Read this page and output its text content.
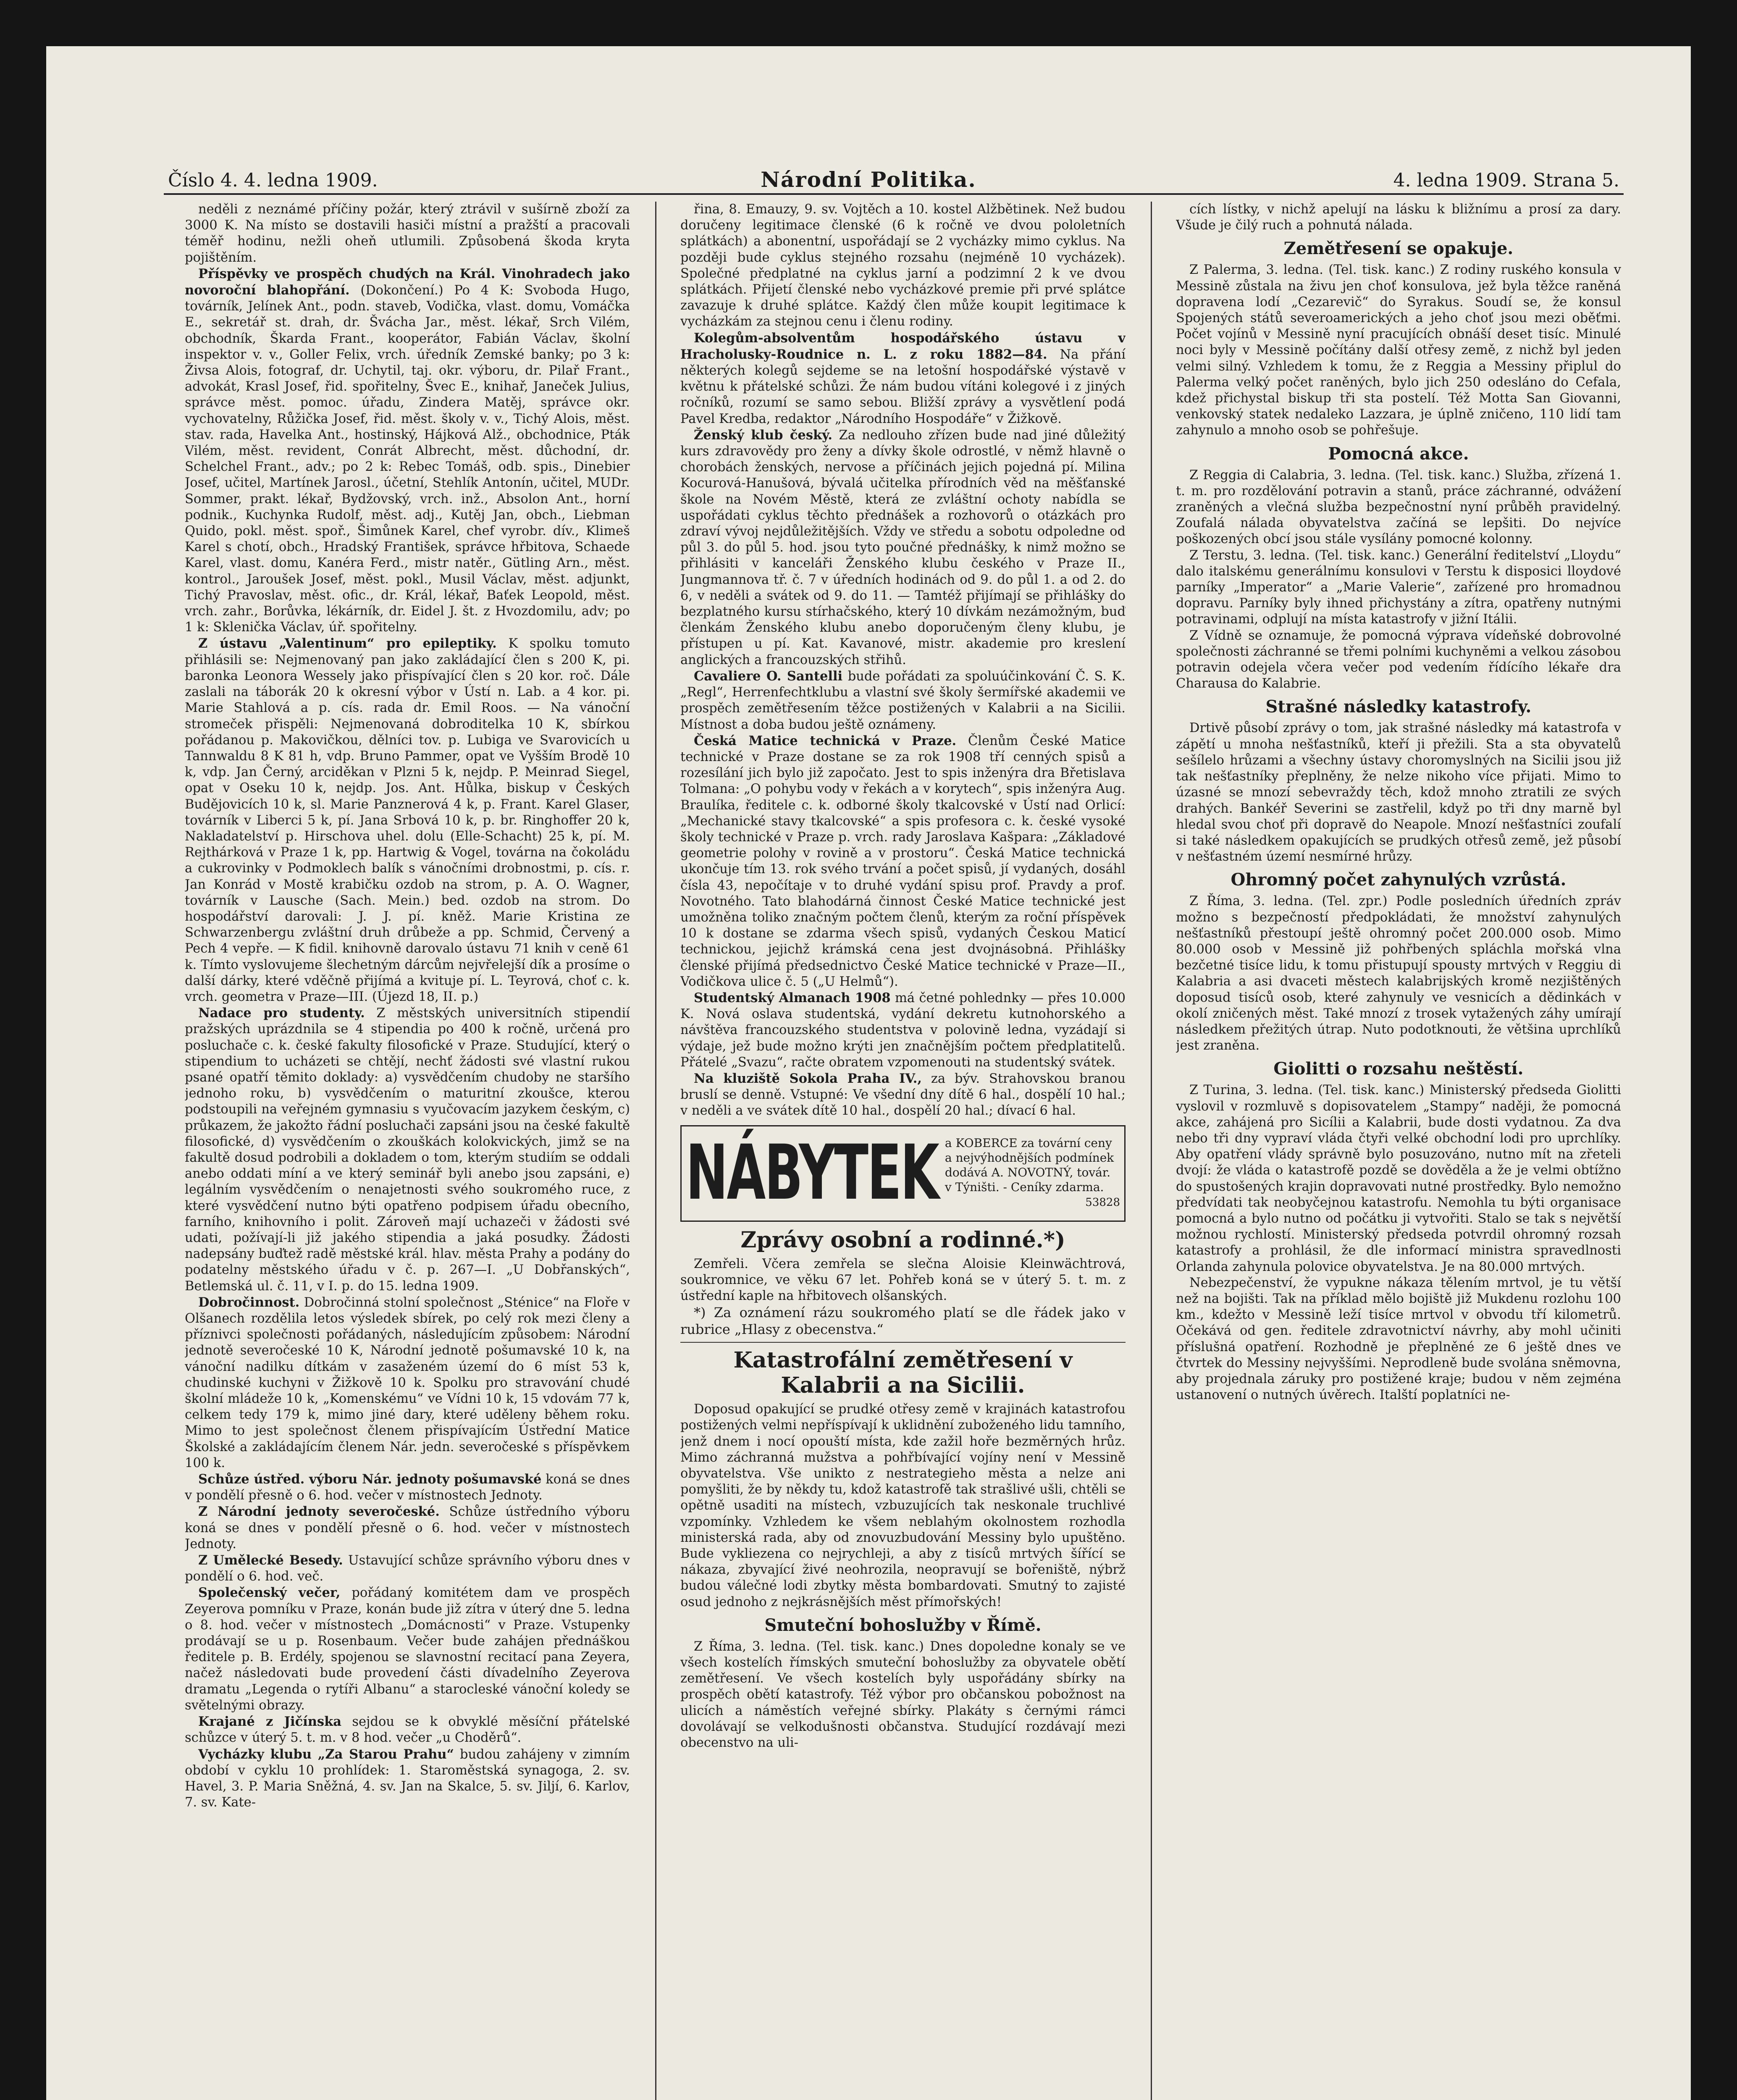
Číslo 4. 4. ledna 1909.	Národní Politika.	4. ledna 1909. Strana 5.

neděli z neznámé příčiny požár, který ztrávil v sušírně zboží za 3000 K. Na místo se dostavili hasiči místní a pražští a pracovali téměř hodinu, nežli oheň utlumili. Způsobená škoda kryta pojištěním.

Příspěvky ve prospěch chudých na Král. Vinohradech jako novoroční blahopřání. (Dokončení.) Po 4 K: Svoboda Hugo, továrník, Jelínek Ant., podn. staveb, Vodička, vlast. domu, Vomáčka E., sekretář st. drah, dr. Švácha Jar., měst. lékař, Srch Vilém, obchodník, Škarda Frant., kooperátor, Fabián Václav, školní inspektor v. v., Goller Felix, vrch. úředník Zemské banky; po 3 k: Živsa Alois, fotograf, dr. Uchytil, taj. okr. výboru, dr. Pilař Frant., advokát, Krasl Josef, řid. spořitelny, Švec E., knihař, Janeček Julius, správce měst. pomoc. úřadu, Zindera Matěj, správce okr. vychovatelny, Růžička Josef, řid. měst. školy v. v., Tichý Alois, měst. stav. rada, Havelka Ant., hostinský, Hájková Alž., obchodnice, Pták Vilém, měst. revident, Conrát Albrecht, měst. důchodní, dr. Schelchel Frant., adv.; po 2 k: Rebec Tomáš, odb. spis., Dinebier Josef, učitel, Martínek Jarosl., účetní, Stehlík Antonín, učitel, MUDr. Sommer, prakt. lékař, Bydžovský, vrch. inž., Absolon Ant., horní podnik., Kuchynka Rudolf, měst. adj., Kutěj Jan, obch., Liebman Quido, pokl. měst. spoř., Šimůnek Karel, chef vyrobr. dív., Klimeš Karel s chotí, obch., Hradský František, správce hřbitova, Schaede Karel, vlast. domu, Kanéra Ferd., mistr natěr., Gütling Arn., měst. kontrol., Jaroušek Josef, měst. pokl., Musil Václav, měst. adjunkt, Tichý Pravoslav, měst. ofic., dr. Král, lékař, Baťek Leopold, měst. vrch. zahr., Borůvka, lékárník, dr. Eidel J. št. z Hvozdomilu, adv; po 1 k: Sklenička Václav, úř. spořitelny.

Z ústavu „Valentinum“ pro epileptiky. K spolku tomuto přihlásili se: Nejmenovaný pan jako zakládající člen s 200 K, pi. baronka Leonora Wessely jako přispívající člen s 20 kor. roč. Dále zaslali na táborák 20 k okresní výbor v Ústí n. Lab. a 4 kor. pi. Marie Stahlová a p. cís. rada dr. Emil Roos. — Na vánoční stromeček přispěli: Nejmenovaná dobroditelka 10 K, sbírkou pořádanou p. Makovičkou, dělníci tov. p. Lubiga ve Svarovicích u Tannwaldu 8 K 81 h, vdp. Bruno Pammer, opat ve Vyšším Brodě 10 k, vdp. Jan Černý, arciděkan v Plzni 5 k, nejdp. P. Meinrad Siegel, opat v Oseku 10 k, nejdp. Jos. Ant. Hůlka, biskup v Českých Budějovicích 10 k, sl. Marie Panznerová 4 k, p. Frant. Karel Glaser, továrník v Liberci 5 k, pí. Jana Srbová 10 k, p. br. Ringhoffer 20 k, Nakladatelství p. Hirschova uhel. dolu (Elle-Schacht) 25 k, pí. M. Rejthárková v Praze 1 k, pp. Hartwig & Vogel, továrna na čokoládu a cukrovinky v Podmoklech balík s vánočními drobnostmi, p. cís. r. Jan Konrád v Mostě krabičku ozdob na strom, p. A. O. Wagner, továrník v Lausche (Sach. Mein.) bed. ozdob na strom. Do hospodářství darovali: J. J. pí. kněž. Marie Kristina ze Schwarzenbergu zvláštní druh drůbeže a pp. Schmid, Červený a Pech 4 vepře. — K fidil. knihovně darovalo ústavu 71 knih v ceně 61 k. Tímto vyslovujeme šlechetným dárcům nejvřelejší dík a prosíme o další dárky, které vděčně přijímá a kvituje pí. L. Teyrová, choť c. k. vrch. geometra v Praze—III. (Újezd 18, II. p.)

Nadace pro studenty. Z městských universitních stipendií pražských uprázdnila se 4 stipendia po 400 k ročně, určená pro posluchače c. k. české fakulty filosofické v Praze. Studující, který o stipendium to ucházeti se chtějí, nechť žádosti své vlastní rukou psané opatří těmito doklady: a) vysvědčením chudoby ne staršího jednoho roku, b) vysvědčením o maturitní zkoušce, kterou podstoupili na veřejném gymnasiu s vyučovacím jazykem českým, c) průkazem, že jakožto řádní posluchači zapsáni jsou na české fakultě filosofické, d) vysvědčením o zkouškách kolokvických, jimž se na fakultě dosud podrobili a dokladem o tom, kterým studiím se oddali anebo oddati míní a ve který seminář byli anebo jsou zapsáni, e) legálním vysvědčením o nenajetnosti svého soukromého ruce, z které vysvědčení nutno býti opatřeno podpisem úřadu obecního, farního, knihovního i polit. Zároveň mají uchazeči v žádosti své udati, požívají-li již jakého stipendia a jaká posudky. Žádosti nadepsány buďtež radě městské král. hlav. města Prahy a podány do podatelny městského úřadu v č. p. 267—I. „U Dobřanských“, Betlemská ul. č. 11, v I. p. do 15. ledna 1909.

Dobročinnost. Dobročinná stolní společnost „Sténice“ na Floře v Olšanech rozdělila letos výsledek sbírek, po celý rok mezi členy a příznivci společnosti pořádaných, následujícím způsobem: Národní jednotě severočeské 10 K, Národní jednotě pošumavské 10 k, na vánoční nadilku dítkám v zasaženém území do 6 míst 53 k, chudinské kuchyni v Žižkově 10 k. Spolku pro stravování chudé školní mládeže 10 k, „Komenskému“ ve Vídni 10 k, 15 vdovám 77 k, celkem tedy 179 k, mimo jiné dary, které uděleny během roku. Mimo to jest společnost členem přispívajícím Ústřední Matice Školské a zakládajícím členem Nár. jedn. severočeské s příspěvkem 100 k.

Schůze ústřed. výboru Nár. jednoty pošumavské koná se dnes v pondělí přesně o 6. hod. večer v místnostech Jednoty.

Z Národní jednoty severočeské. Schůze ústředního výboru koná se dnes v pondělí přesně o 6. hod. večer v místnostech Jednoty.

Z Umělecké Besedy. Ustavující schůze správního výboru dnes v pondělí o 6. hod. več.

Společenský večer, pořádaný komitétem dam ve prospěch Zeyerova pomníku v Praze, konán bude již zítra v úterý dne 5. ledna o 8. hod. večer v místnostech „Domácnosti“ v Praze. Vstupenky prodávají se u p. Rosenbaum. Večer bude zahájen přednáškou ředitele p. B. Erdély, spojenou se slavnostní recitací pana Zeyera, načež následovati bude provedení části dívadelního Zeyerova dramatu „Legenda o rytíři Albanu“ a starocleské vánoční koledy se světelnými obrazy.

Krajané z Jičínska sejdou se k obvyklé měsíční přátelské schůzce v úterý 5. t. m. v 8 hod. večer „u Choděrů“.

Vycházky klubu „Za Starou Prahu“ budou zahájeny v zimním období v cyklu 10 prohlídek: 1. Staroměstská synagoga, 2. sv. Havel, 3. P. Maria Sněžná, 4. sv. Jan na Skalce, 5. sv. Jiljí, 6. Karlov, 7. sv. Kate-

řina, 8. Emauzy, 9. sv. Vojtěch a 10. kostel Alžbětinek. Než budou doručeny legitimace členské (6 k ročně ve dvou pololetních splátkách) a abonentní, uspořádají se 2 vycházky mimo cyklus. Na později bude cyklus stejného rozsahu (nejméně 10 vycházek). Společné předplatné na cyklus jarní a podzimní 2 k ve dvou splátkách. Přijetí členské nebo vycházkové premie při prvé splátce zavazuje k druhé splátce. Každý člen může koupit legitimace k vycházkám za stejnou cenu i členu rodiny.

Kolegům-absolventům hospodářského ústavu v Hracholusky-Roudnice n. L. z roku 1882—84. Na přání některých kolegů sejdeme se na letošní hospodářské výstavě v květnu k přátelské schůzi. Že nám budou vítáni kolegové i z jiných ročníků, rozumí se samo sebou. Bližší zprávy a vysvětlení podá Pavel Kredba, redaktor „Národního Hospodáře“ v Žižkově.

Ženský klub český. Za nedlouho zřízen bude nad jiné důležitý kurs zdravovědy pro ženy a dívky škole odrostlé, v němž hlavně o chorobách ženských, nervose a příčinách jejich pojedná pí. Milina Kocurová-Hanušová, bývalá učitelka přírodních věd na měšťanské škole na Novém Městě, která ze zvláštní ochoty nabídla se uspořádati cyklus těchto přednášek a rozhovorů o otázkách pro zdraví vývoj nejdůležitějších. Vždy ve středu a sobotu odpoledne od půl 3. do půl 5. hod. jsou tyto poučné přednášky, k nimž možno se přihlásiti v kanceláři Ženského klubu českého v Praze II., Jungmannova tř. č. 7 v úředních hodinách od 9. do půl 1. a od 2. do 6, v neděli a svátek od 9. do 11. — Tamtéž přijímají se přihlášky do bezplatného kursu stírhačského, který 10 dívkám nezámožným, buď členkám Ženského klubu anebo doporučeným členy klubu, je přístupen u pí. Kat. Kavanové, mistr. akademie pro kreslení anglických a francouzských střihů.

Cavaliere O. Santelli bude pořádati za spoluúčinkování Č. S. K. „Regl“, Herrenfechtklubu a vlastní své školy šermířské akademii ve prospěch zemětřesením těžce postižených v Kalabrii a na Sicilii. Místnost a doba budou ještě oznámeny.

Česká Matice technická v Praze. Členům České Matice technické v Praze dostane se za rok 1908 tří cenných spisů a rozesílání jich bylo již započato. Jest to spis inženýra dra Břetislava Tolmana: „O pohybu vody v řekách a v korytech“, spis inženýra Aug. Braulíka, ředitele c. k. odborné školy tkalcovské v Ústí nad Orlicí: „Mechanické stavy tkalcovské“ a spis profesora c. k. české vysoké školy technické v Praze p. vrch. rady Jaroslava Kašpara: „Základové geometrie polohy v rovině a v prostoru“. Česká Matice technická ukončuje tím 13. rok svého trvání a počet spisů, jí vydaných, dosáhl čísla 43, nepočítaje v to druhé vydání spisu prof. Pravdy a prof. Novotného. Tato blahodárná činnost České Matice technické jest umožněna toliko značným počtem členů, kterým za roční příspěvek 10 k dostane se zdarma všech spisů, vydaných Českou Maticí technickou, jejichž krámská cena jest dvojnásobná. Přihlášky členské přijímá předsednictvo České Matice technické v Praze—II., Vodičkova ulice č. 5 („U Helmů“).

Studentský Almanach 1908 má četné pohlednky — přes 10.000 K. Nová oslava studentská, vydání dekretu kutnohorského a návštěva francouzského studentstva v polovině ledna, vyzádají si výdaje, jež bude možno krýti jen značnějším počtem předplatitelů. Přátelé „Svazu“, račte obratem vzpomenouti na studentský svátek.

Na kluziště Sokola Praha IV., za býv. Strahovskou branou bruslí se denně. Vstupné: Ve všední dny dítě 6 hal., dospělí 10 hal.; v neděli a ve svátek dítě 10 hal., dospělí 20 hal.; dívací 6 hal.

NÁBYTEK a KOBERCE za tovární ceny a nejvýhodnějších podmínek dodává A. NOVOTNÝ, továr. v Týništi. - Ceníky zdarma.
53828
Zprávy osobní a rodinné.*)

Zemřeli. Včera zemřela se slečna Aloisie Kleinwächtrová, soukromnice, ve věku 67 let. Pohřeb koná se v úterý 5. t. m. z ústřední kaple na hřbitovech olšanských.

*) Za oznámení rázu soukromého platí se dle řádek jako v rubrice „Hlasy z obecenstva.“

Katastrofální zemětřesení v Kalabrii a na Sicilii.

Doposud opakující se prudké otřesy země v krajinách katastrofou postižených velmi nepříspívají k uklidnění zuboženého lidu tamního, jenž dnem i nocí opouští místa, kde zažil hoře bezměrných hrůz. Mimo záchranná mužstva a pohřbívající vojíny není v Messině obyvatelstva. Vše unikto z nestrategieho města a nelze ani pomyšliti, že by někdy tu, kdož katastrofě tak strašlivé ušli, chtěli se opětně usaditi na místech, vzbuzujících tak neskonale truchlivé vzpomínky. Vzhledem ke všem neblahým okolnostem rozhodla ministerská rada, aby od znovuzbudování Messiny bylo upuštěno. Bude vykliezena co nejrychleji, a aby z tisíců mrtvých šířící se nákaza, zbyvající živé neohrozila, neopravují se bořeniště, nýbrž budou válečné lodi zbytky města bombardovati. Smutný to zajisté osud jednoho z nejkrásnějších měst přímořských!

Smuteční bohoslužby v Římě.

Z Říma, 3. ledna. (Tel. tisk. kanc.) Dnes dopoledne konaly se ve všech kostelích římských smuteční bohoslužby za obyvatele obětí zemětřesení. Ve všech kostelích byly uspořádány sbírky na prospěch obětí katastrofy. Též výbor pro občanskou pobožnost na ulicích a náměstích veřejné sbírky. Plakáty s černými rámci dovolávají se velkodušnosti občanstva. Studující rozdávají mezi obecenstvo na uli-

cích lístky, v nichž apelují na lásku k bližnímu a prosí za dary. Všude je čilý ruch a pohnutá nálada.

Zemětřesení se opakuje.

Z Palerma, 3. ledna. (Tel. tisk. kanc.) Z rodiny ruského konsula v Messině zůstala na živu jen choť konsulova, jež byla těžce raněná dopravena lodí „Cezarevič“ do Syrakus. Soudí se, že konsul Spojených států severoamerických a jeho choť jsou mezi oběťmi. Počet vojínů v Messině nyní pracujících obnáší deset tisíc. Minulé noci byly v Messině počítány další otřesy země, z nichž byl jeden velmi silný. Vzhledem k tomu, že z Reggia a Messiny připlul do Palerma velký počet raněných, bylo jich 250 odesláno do Cefala, kdež přichystal biskup tři sta postelí. Též Motta San Giovanni, venkovský statek nedaleko Lazzara, je úplně zničeno, 110 lidí tam zahynulo a mnoho osob se pohřešuje.

Pomocná akce.

Z Reggia di Calabria, 3. ledna. (Tel. tisk. kanc.) Služba, zřízená 1. t. m. pro rozdělování potravin a stanů, práce záchranné, odvážení zraněných a vlečná služba bezpečnostní nyní průběh pravidelný. Zoufalá nálada obyvatelstva začíná se lepšiti. Do nejvíce poškozených obcí jsou stále vysílány pomocné kolonny.

Z Terstu, 3. ledna. (Tel. tisk. kanc.) Generální ředitelství „Lloydu“ dalo italskému generálnímu konsulovi v Terstu k disposici lloydové parníky „Imperator“ a „Marie Valerie“, zařízené pro hromadnou dopravu. Parníky byly ihned přichystány a zítra, opatřeny nutnými potravinami, odplují na místa katastrofy v jižní Itálii.

Z Vídně se oznamuje, že pomocná výprava vídeňské dobrovolné společnosti záchranné se třemi polními kuchyněmi a velkou zásobou potravin odejela včera večer pod vedením řídícího lékaře dra Charausa do Kalabrie.

Strašné následky katastrofy.

Drtivě působí zprávy o tom, jak strašné následky má katastrofa v zápětí u mnoha nešťastníků, kteří ji přežili. Sta a sta obyvatelů sešílelo hrůzami a všechny ústavy choromyslných na Sicilii jsou již tak nešťastníky přeplněny, že nelze nikoho více přijati. Mimo to úzasné se mnozí sebevraždy těch, kdož mnoho ztratili ze svých drahých. Bankéř Severini se zastřelil, když po tři dny marně byl hledal svou choť při dopravě do Neapole. Mnozí nešťastníci zoufalí si také následkem opakujících se prudkých otřesů země, jež působí v nešťastném území nesmírné hrůzy.

Ohromný počet zahynulých vzrůstá.

Z Říma, 3. ledna. (Tel. zpr.) Podle posledních úředních zpráv možno s bezpečností předpokládati, že množství zahynulých nešťastníků přestoupí ještě ohromný počet 200.000 osob. Mimo 80.000 osob v Messině již pohřbených spláchla mořská vlna bezčetné tisíce lidu, k tomu přistupují spousty mrtvých v Reggiu di Kalabria a asi dvaceti městech kalabrijských kromě nezjištěných doposud tisíců osob, které zahynuly ve vesnicích a dědinkách v okolí zničených měst. Také mnozí z trosek vytažených záhy umírají následkem přežitých útrap. Nuto podotknouti, že většina uprchlíků jest zraněna.

Giolitti o rozsahu neštěstí.

Z Turina, 3. ledna. (Tel. tisk. kanc.) Ministerský předseda Giolitti vyslovil v rozmluvě s dopisovatelem „Stampy“ naději, že pomocná akce, zahájená pro Sicílii a Kalabrii, bude dosti vydatnou. Za dva nebo tři dny vypraví vláda čtyři velké obchodní lodi pro uprchlíky. Aby opatření vlády správně bylo posuzováno, nutno mít na zřeteli dvojí: že vláda o katastrofě pozdě se dověděla a že je velmi obtížno do spustošených krajin dopravovati nutné prostředky. Bylo nemožno předvídati tak neobyčejnou katastrofu. Nemohla tu býti organisace pomocná a bylo nutno od počátku ji vytvořiti. Stalo se tak s největší možnou rychlostí. Ministerský předseda potvrdil ohromný rozsah katastrofy a prohlásil, že dle informací ministra spravedlnosti Orlanda zahynula polovice obyvatelstva. Je na 80.000 mrtvých.

Nebezpečenství, že vypukne nákaza tělením mrtvol, je tu větší než na bojišti. Tak na příklad mělo bojiště již Mukdenu rozlohu 100 km., kdežto v Messině leží tisíce mrtvol v obvodu tří kilometrů. Očekává od gen. ředitele zdravotnictví návrhy, aby mohl učiniti příslušná opatření. Rozhodně je přeplněné ze 6 ještě dnes ve čtvrtek do Messiny nejvyššími. Neprodleně bude svolána sněmovna, aby projednala záruky pro postižené kraje; budou v něm zejména ustanovení o nutných úvěrech. Italští poplatníci ne-
